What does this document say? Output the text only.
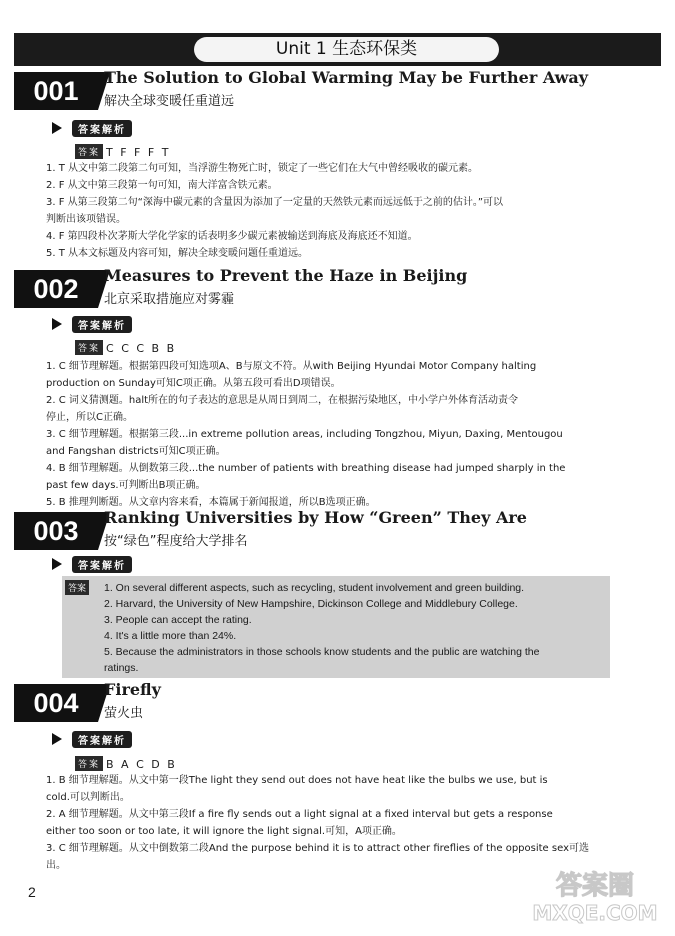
Unit 1 生态环保类
001	The Solution to Global Warming May be Further Away
解决全球变暖任重道远
答案解析
答案 T F F F T

1. T 从文中第二段第二句可知，当浮游生物死亡时，锁定了一些它们在大气中曾经吸收的碳元素。

2. F 从文中第三段第一句可知，南大洋富含铁元素。

3. F 从第三段第二句“深海中碳元素的含量因为添加了一定量的天然铁元素而远远低于之前的估计。”可以

判断出该项错误。

4. F 第四段朴次茅斯大学化学家的话表明多少碳元素被输送到海底及海底还不知道。

5. T 从本文标题及内容可知，解决全球变暖问题任重道远。

002	Measures to Prevent the Haze in Beijing
北京采取措施应对雾霾
答案解析
答案 C C C B B

1. C 细节理解题。根据第四段可知选项A、B与原文不符。从with Beijing Hyundai Motor Company halting

production on Sunday可知C项正确。从第五段可看出D项错误。

2. C 词义猜测题。halt所在的句子表达的意思是从周日到周二，在根据污染地区，中小学户外体育活动责令

停止，所以C正确。

3. C 细节理解题。根据第三段...in extreme pollution areas, including Tongzhou, Miyun, Daxing, Mentougou

and Fangshan districts可知C项正确。

4. B 细节理解题。从倒数第三段...the number of patients with breathing disease had jumped sharply in the

past few days.可判断出B项正确。

5. B 推理判断题。从文章内容来看，本篇属于新闻报道，所以B选项正确。

003	Ranking Universities by How “Green” They Are
按“绿色”程度给大学排名
答案解析
答案 1. On several different aspects, such as recycling, student involvement and green building.

2. Harvard, the University of New Hampshire, Dickinson College and Middlebury College.

3. People can accept the rating.

4. It's a little more than 24%.

5. Because the administrators in those schools know students and the public are watching the

ratings.

004	Firefly
萤火虫
答案解析
答案 B A C D B

1. B 细节理解题。从文中第一段The light they send out does not have heat like the bulbs we use, but is

cold.可以判断出。

2. A 细节理解题。从文中第三段If a fire fly sends out a light signal at a fixed interval but gets a response

either too soon or too late, it will ignore the light signal.可知，A项正确。

3. C 细节理解题。从文中倒数第二段And the purpose behind it is to attract other fireflies of the opposite sex可选

出。

2	答案圈
MXQE.COM
